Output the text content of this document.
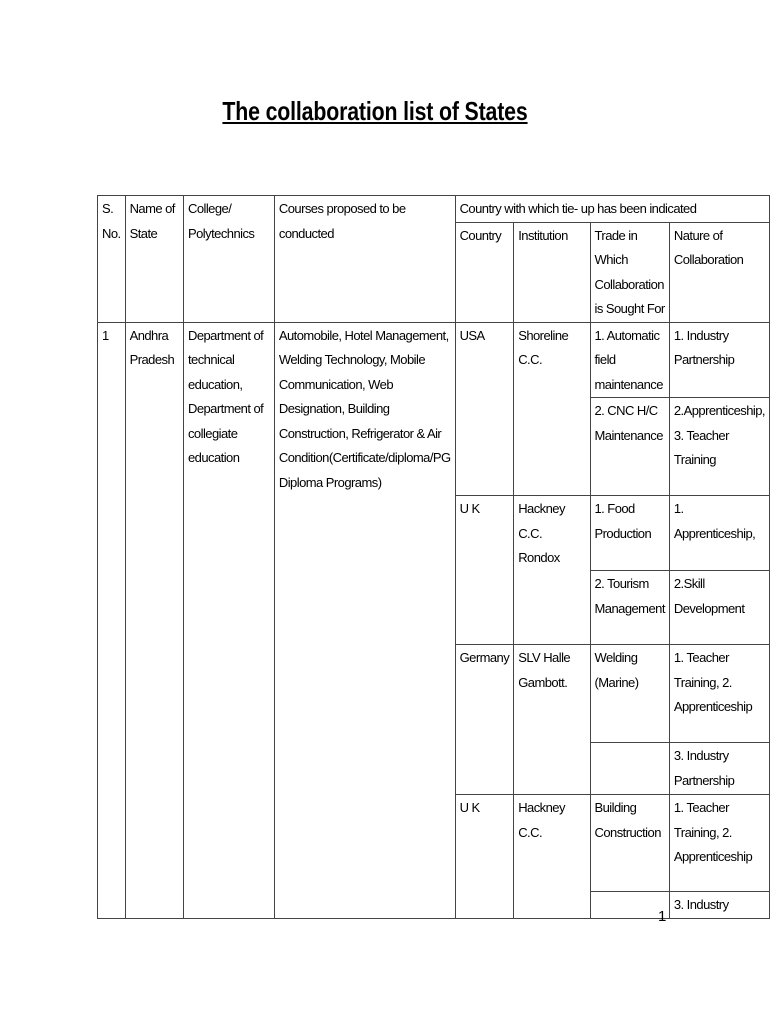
The collaboration list of States
S. No.	Name of State	College/ Polytechnics	Courses proposed to be conducted	Country with which tie- up has been indicated			
				Country	Institution	Trade in Which Collaboration is Sought For	Nature of Collaboration
1	Andhra Pradesh	Department of technical education, Department of collegiate education	Automobile, Hotel Management, Welding Technology, Mobile Communication, Web Designation, Building Construction, Refrigerator & Air Condition(Certificate/diploma/PG Diploma Programs)	USA	Shoreline C.C.	1. Automatic field maintenance	1. Industry Partnership
						2. CNC H/C Maintenance	2.Apprenticeship, 3. Teacher Training
				U K	Hackney C.C. Rondox	1. Food Production	1. Apprenticeship,
						2. Tourism Management	2.Skill Development
				Germany	SLV Halle Gambott.	Welding (Marine)	1. Teacher Training, 2. Apprenticeship
							3. Industry Partnership
				U K	Hackney C.C.	Building Construction	1. Teacher Training, 2. Apprenticeship
							3. Industry
1
